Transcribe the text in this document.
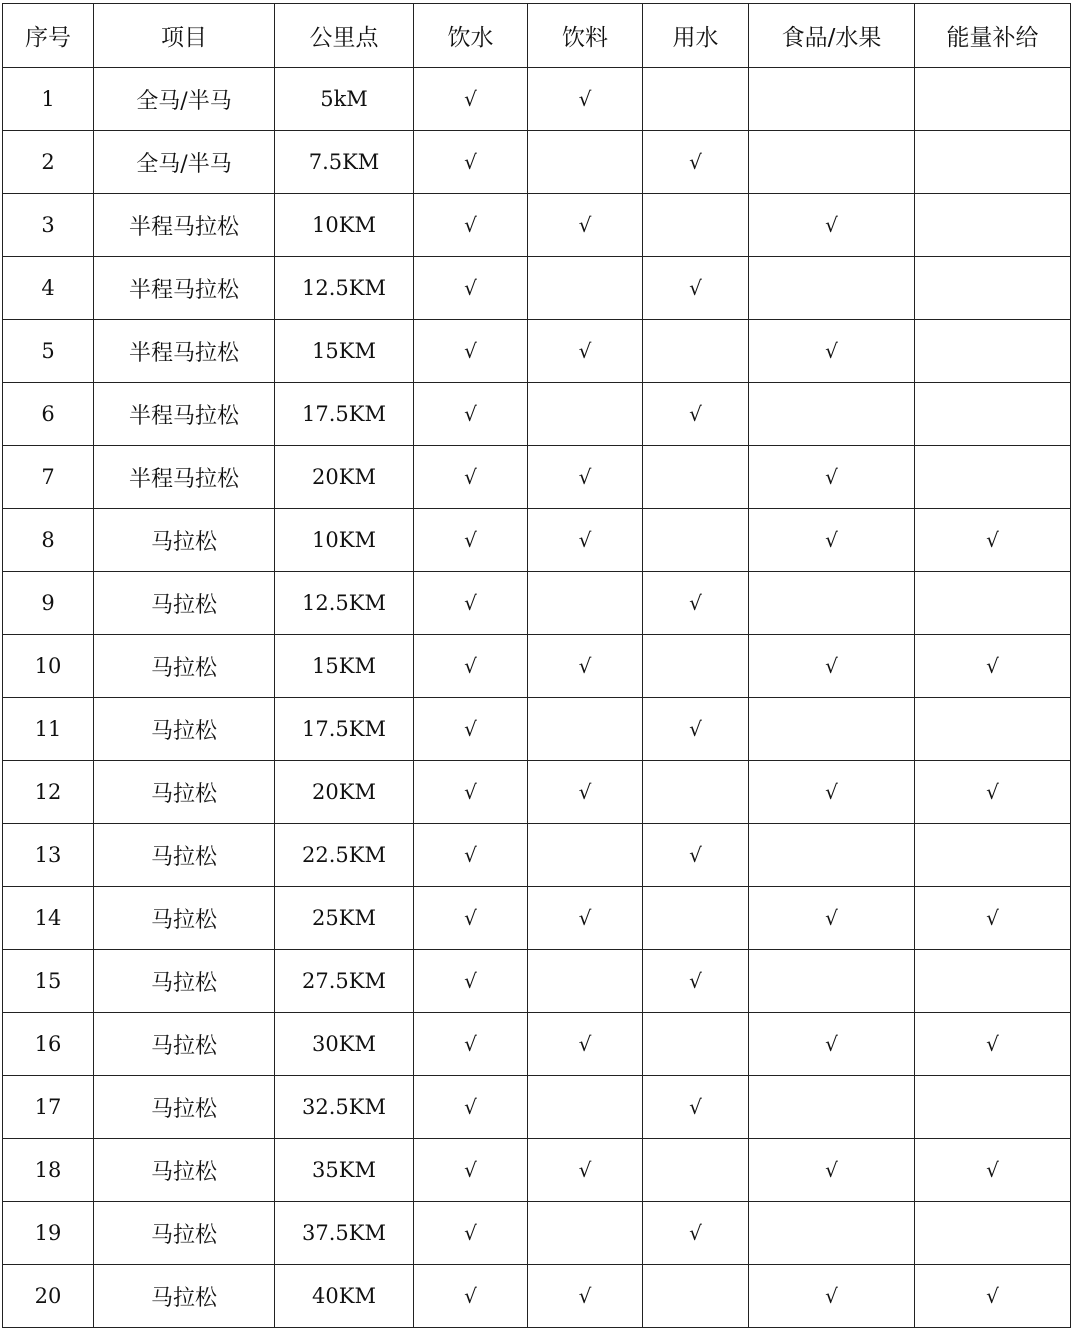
序号	项目	公里点	饮水	饮料	用水	食品/水果	能量补给
1	全马/半马	5kM	√	√			
2	全马/半马	7.5KM	√		√		
3	半程马拉松	10KM	√	√		√	
4	半程马拉松	12.5KM	√		√		
5	半程马拉松	15KM	√	√		√	
6	半程马拉松	17.5KM	√		√		
7	半程马拉松	20KM	√	√		√	
8	马拉松	10KM	√	√		√	√
9	马拉松	12.5KM	√		√		
10	马拉松	15KM	√	√		√	√
11	马拉松	17.5KM	√		√		
12	马拉松	20KM	√	√		√	√
13	马拉松	22.5KM	√		√		
14	马拉松	25KM	√	√		√	√
15	马拉松	27.5KM	√		√		
16	马拉松	30KM	√	√		√	√
17	马拉松	32.5KM	√		√		
18	马拉松	35KM	√	√		√	√
19	马拉松	37.5KM	√		√		
20	马拉松	40KM	√	√		√	√
